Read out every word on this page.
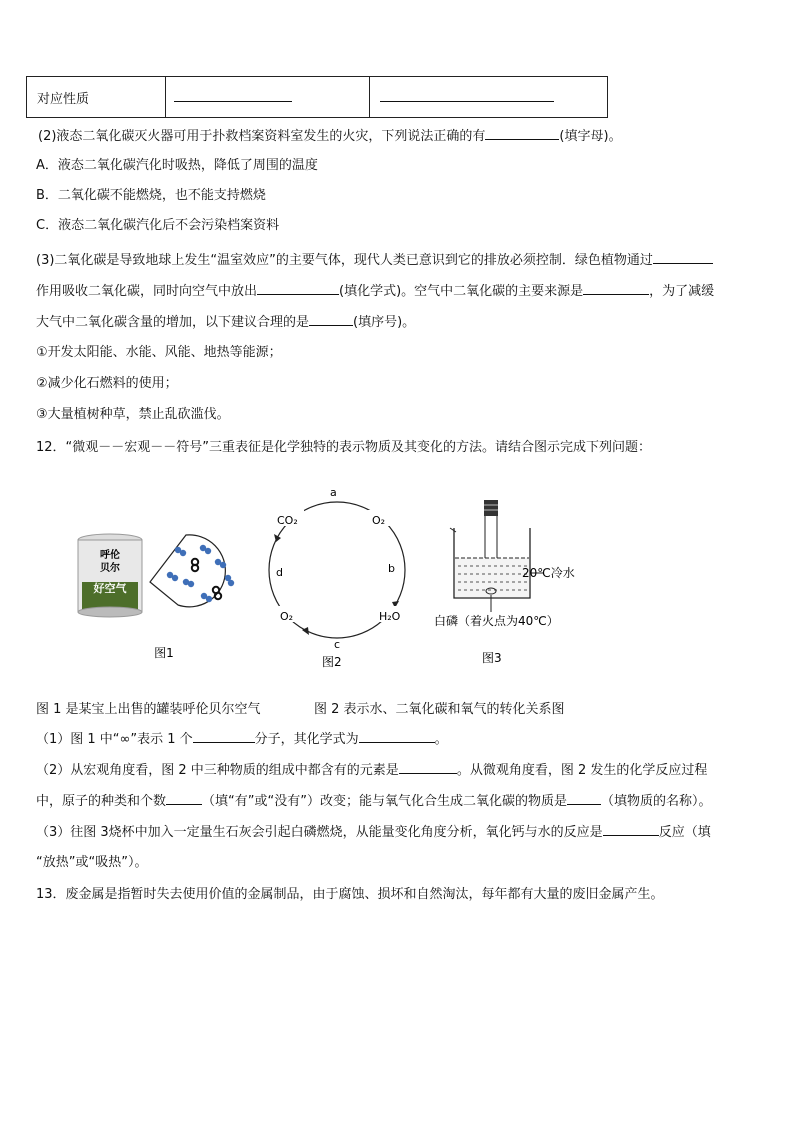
对应性质		
(2)液态二氧化碳灭火器可用于扑救档案资料室发生的火灾，下列说法正确的有	(填字母)。
A．液态二氧化碳汽化时吸热，降低了周围的温度
B．二氧化碳不能燃烧，也不能支持燃烧
C．液态二氧化碳汽化后不会污染档案资料
(3)二氧化碳是导致地球上发生“温室效应”的主要气体，现代人类已意识到它的排放必须控制．绿色植物通过
作用吸收二氧化碳，同时向空气中放出	(填化学式)。空气中二氧化碳的主要来源是	，为了减缓
大气中二氧化碳含量的增加，以下建议合理的是	(填序号)。
①开发太阳能、水能、风能、地热等能源；
②减少化石燃料的使用；
③大量植树种草，禁止乱砍滥伐。
12．“微观－－宏观－－符号”三重表征是化学独特的表示物质及其变化的方法。请结合图示完成下列问题：
呼伦
贝尔
好空气
图1
a
b
c
d
CO₂	O₂
H₂O
O₂
图2
20℃冷水
白磷（着火点为40℃）
图3
图 1 是某宝上出售的罐装呼伦贝尔空气	图 2 表示水、二氧化碳和氧气的转化关系图
（1）图 1 中“∞”表示 1 个	分子，其化学式为	。
（2）从宏观角度看，图 2 中三种物质的组成中都含有的元素是	。从微观角度看，图 2 发生的化学反应过程
中，原子的种类和个数	（填“有”或“没有”）改变；能与氧气化合生成二氧化碳的物质是	（填物质的名称）。
（3）往图 3烧杯中加入一定量生石灰会引起白磷燃烧，从能量变化角度分析，氧化钙与水的反应是	反应（填
“放热”或“吸热”）。
13．废金属是指暂时失去使用价值的金属制品，由于腐蚀、损坏和自然淘汰，每年都有大量的废旧金属产生。
